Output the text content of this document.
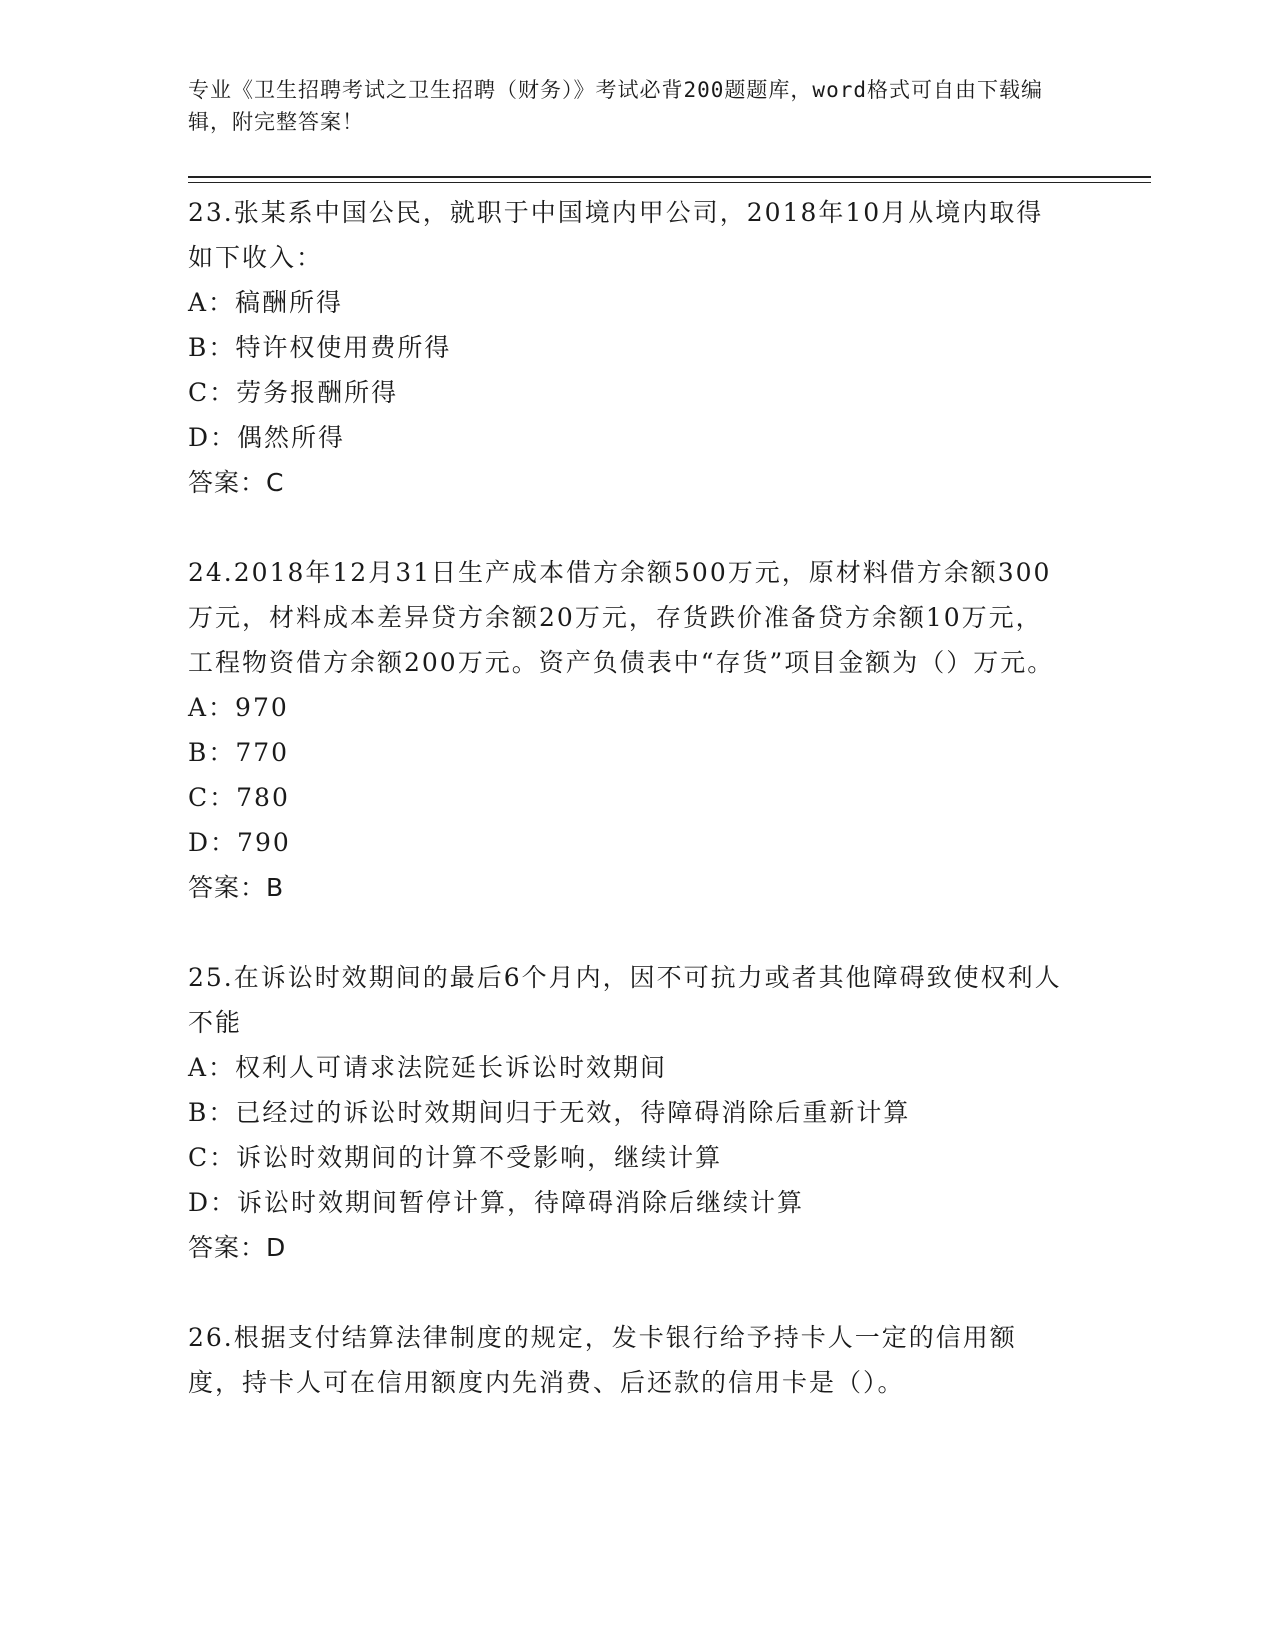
专业《卫生招聘考试之卫生招聘（财务）》考试必背200题题库，word格式可自由下载编辑，附完整答案！

23.张某系中国公民，就职于中国境内甲公司，2018年10月从境内取得如下收入：

A：稿酬所得

B：特许权使用费所得

C：劳务报酬所得

D：偶然所得

答案：C

24.2018年12月31日生产成本借方余额500万元，原材料借方余额300万元，材料成本差异贷方余额20万元，存货跌价准备贷方余额10万元，工程物资借方余额200万元。资产负债表中“存货”项目金额为（）万元。

A：970

B：770

C：780

D：790

答案：B

25.在诉讼时效期间的最后6个月内，因不可抗力或者其他障碍致使权利人不能

A：权利人可请求法院延长诉讼时效期间

B：已经过的诉讼时效期间归于无效，待障碍消除后重新计算

C：诉讼时效期间的计算不受影响，继续计算

D：诉讼时效期间暂停计算，待障碍消除后继续计算

答案：D

26.根据支付结算法律制度的规定，发卡银行给予持卡人一定的信用额度，持卡人可在信用额度内先消费、后还款的信用卡是（）。
